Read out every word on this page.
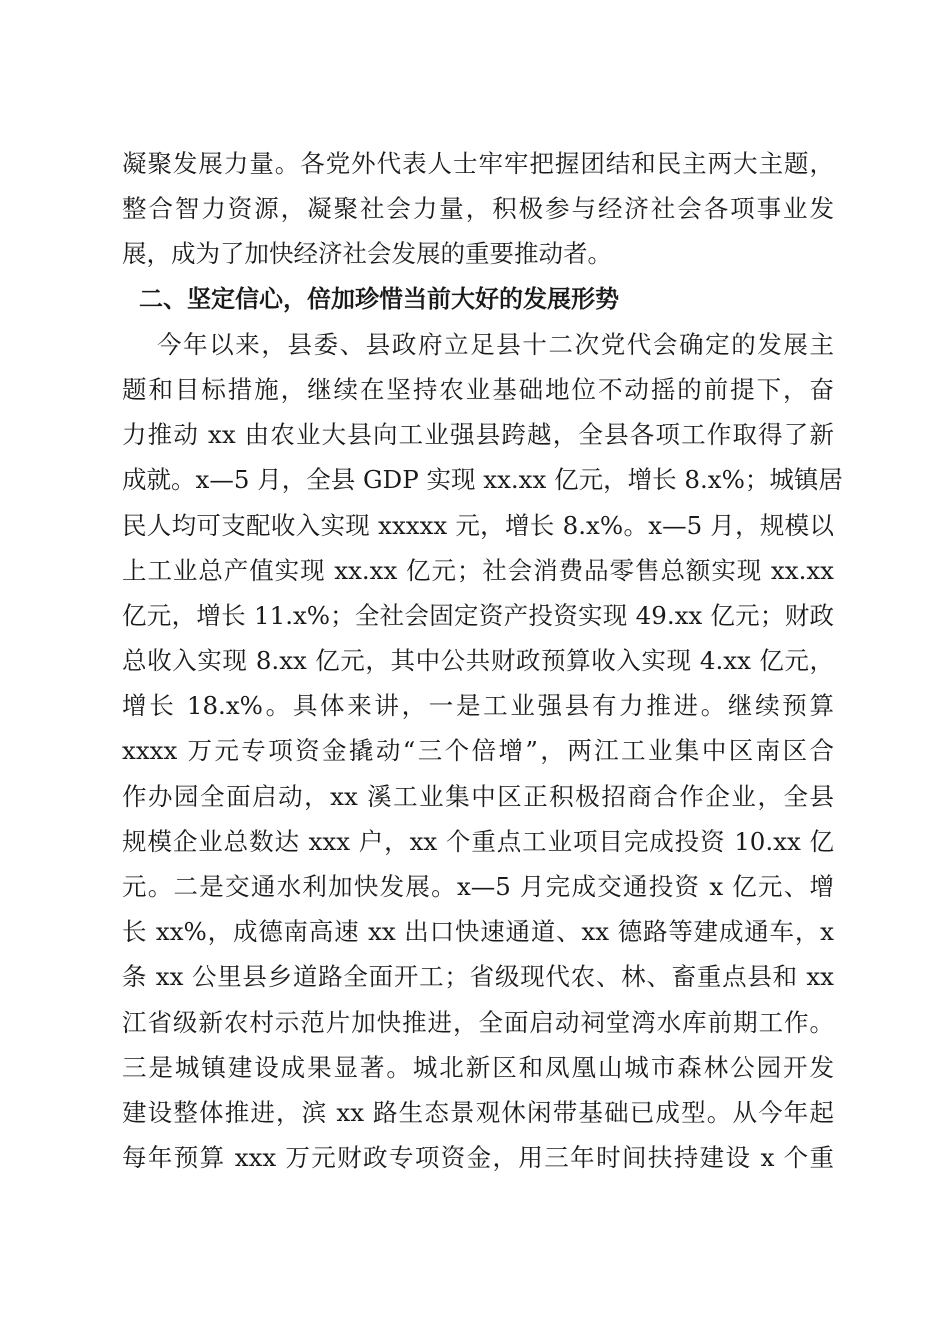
凝聚发展力量。各党外代表人士牢牢把握团结和民主两大主题，
整合智力资源，凝聚社会力量，积极参与经济社会各项事业发
展，成为了加快经济社会发展的重要推动者。
二、坚定信心，倍加珍惜当前大好的发展形势
今年以来，县委、县政府立足县十二次党代会确定的发展主
题和目标措施，继续在坚持农业基础地位不动摇的前提下，奋
力推动 xx 由农业大县向工业强县跨越，全县各项工作取得了新
成就。x—5 月，全县 GDP 实现 xx.xx 亿元，增长 8.x%；城镇居
民人均可支配收入实现 xxxxx 元，增长 8.x%。x—5 月，规模以
上工业总产值实现 xx.xx 亿元；社会消费品零售总额实现 xx.xx
亿元，增长 11.x%；全社会固定资产投资实现 49.xx 亿元；财政
总收入实现 8.xx 亿元，其中公共财政预算收入实现 4.xx 亿元，
增长 18.x%。具体来讲，一是工业强县有力推进。继续预算
xxxx 万元专项资金撬动“三个倍增”，两江工业集中区南区合
作办园全面启动，xx 溪工业集中区正积极招商合作企业，全县
规模企业总数达 xxx 户，xx 个重点工业项目完成投资 10.xx 亿
元。二是交通水利加快发展。x—5 月完成交通投资 x 亿元、增
长 xx%，成德南高速 xx 出口快速通道、xx 德路等建成通车，x
条 xx 公里县乡道路全面开工；省级现代农、林、畜重点县和 xx
江省级新农村示范片加快推进，全面启动祠堂湾水库前期工作。
三是城镇建设成果显著。城北新区和凤凰山城市森林公园开发
建设整体推进，滨 xx 路生态景观休闲带基础已成型。从今年起
每年预算 xxx 万元财政专项资金，用三年时间扶持建设 x 个重
